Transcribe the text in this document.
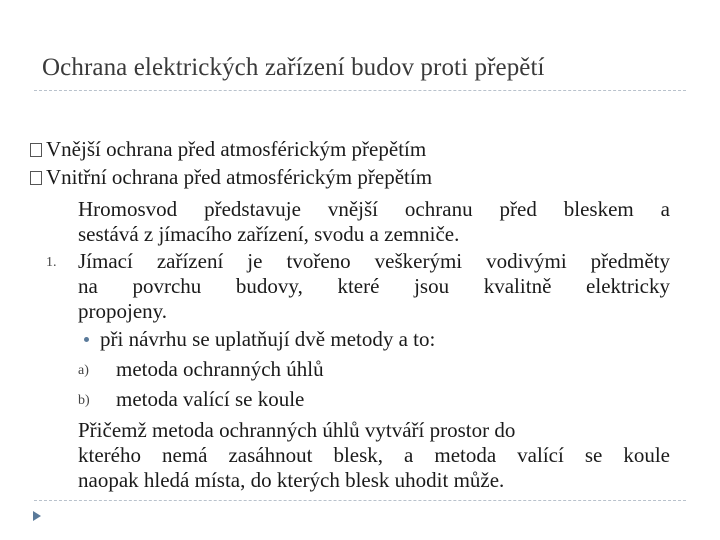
Ochrana elektrických zařízení budov proti přepětí
Vnější ochrana před atmosférickým přepětím
Vnitřní ochrana před atmosférickým přepětím
Hromosvod představuje vnější ochranu před bleskem a
sestává z jímacího zařízení, svodu a zemniče.
1. Jímací zařízení je tvořeno veškerými vodivými předměty
na povrchu budovy, které jsou kvalitně elektricky
propojeny.
při návrhu se uplatňují dvě metody a to:
a) metoda ochranných úhlů
b) metoda valící se koule
Přičemž metoda ochranných úhlů vytváří prostor do
kterého nemá zasáhnout blesk, a metoda valící se koule
naopak hledá místa, do kterých blesk uhodit může.
